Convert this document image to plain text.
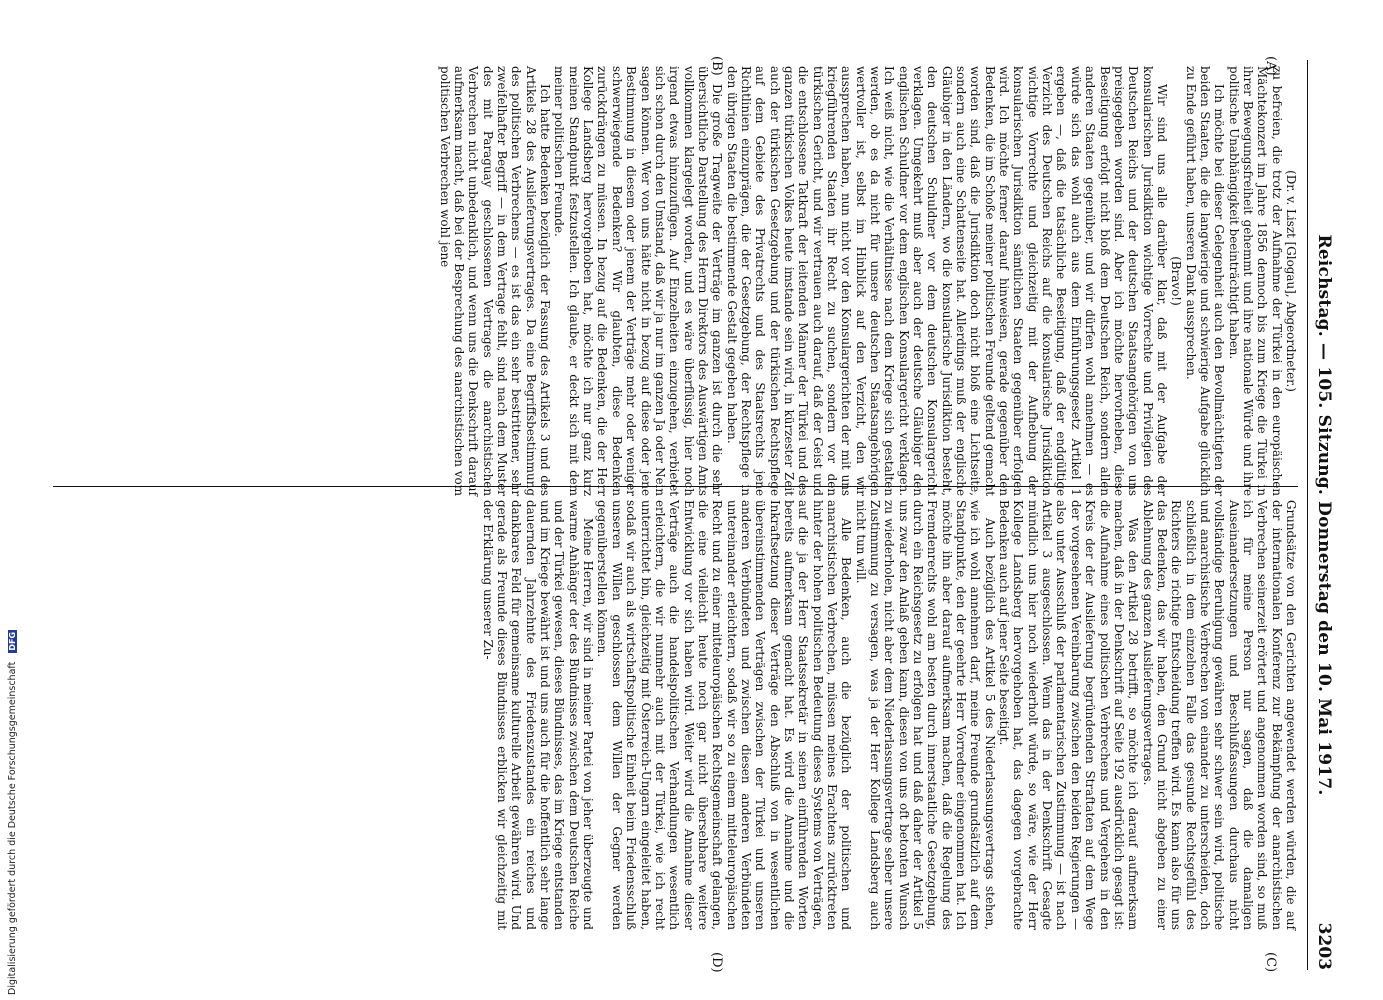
Reichstag. — 105. Sitzung. Donnerstag den 10. Mai 1917.
3203
(A)
(B)
(C)
(D)

(Dr. v. Liszt [Glogau], Abgeordneter.)

zu befreien, die trotz der Aufnahme der Türkei in den europäischen Mächtekonzert im Jahre 1856 dennoch bis zum Kriege die Türkei in ihrer Bewegungsfreiheit gehemmt und ihre nationale Würde und ihre politische Unabhängigkeit beeinträchtigt haben.

Ich möchte bei dieser Gelegenheit auch den Bevollmächtigten der beiden Staaten, die die langwierige und schwierige Aufgabe glücklich zu Ende geführt haben, unseren Dank aussprechen.

(Bravo!)

Wir sind uns alle darüber klar, daß mit der Aufgabe der konsularischen Jurisdiktion wichtige Vorrechte und Privilegien des Deutschen Reichs und der deutschen Staatsangehörigen von uns preisgegeben worden sind. Aber ich möchte hervorheben, diese Beseitigung erfolgt nicht bloß dem Deutschen Reich, sondern allen anderen Staaten gegenüber, und wir dürfen wohl annehmen — es würde sich das wohl auch aus dem Einführungsgesetz Artikel 1 ergeben —, daß die tatsächliche Beseitigung, daß der endgültige Verzicht des Deutschen Reichs auf die konsularische Jurisdiktion wichtige Vorrechte und gleichzeitig mit der Aufhebung der konsularischen Jurisdiktion sämtlichen Staaten gegenüber erfolgen wird. Ich möchte ferner darauf hinweisen, gerade gegenüber den Bedenken, die im Schoße meiner politischen Freunde geltend gemacht worden sind, daß die Jurisdiktion doch nicht bloß eine Lichtseite, sondern auch eine Schattenseite hat. Allerdings muß der englische Gläubiger in den Ländern, wo die konsularische Jurisdiktion besteht, den deutschen Schuldner vor dem deutschen Konsulargericht verklagen. Umgekehrt muß aber auch der deutsche Gläubiger den englischen Schuldner vor dem englischen Konsulargericht verklagen. Ich weiß nicht, wie die Verhältnisse nach dem Kriege sich gestalten werden, ob es da nicht für unsere deutschen Staatsangehörigen wertvoller ist, selbst im Hinblick auf den Verzicht, den wir aussprechen haben, nun nicht vor den Konsulargerichten der mit uns kriegführenden Staaten ihr Recht zu suchen, sondern vor den türkischen Gericht, und wir vertrauen auch darauf, daß der Geist und die entschlossene Tatkraft der leitenden Männer der Türkei und des ganzen türkischen Volkes heute imstande sein wird, in kürzester Zeit auch der türkischen Gesetzgebung und der türkischen Rechtspflege auf dem Gebiete des Privatrechts und des Staatsrechts jene Richtlinien einzuprägen, die der Gesetzgebung, der Rechtspflege in den übrigen Staaten die bestimmende Gestalt gegeben haben.

Die große Tragweite der Verträge im ganzen ist durch die sehr übersichtliche Darstellung des Herrn Direktors des Auswärtigen Amts vollkommen klargelegt worden, und es wäre überflüssig, hier noch irgend etwas hinzuzufügen. Auf Einzelheiten einzugehen, verbietet sich schon durch den Umstand, daß wir ja nur im ganzen Ja oder Nein sagen können. Wer von uns hätte nicht in bezug auf diese oder jene Bestimmung in diesem oder jenem der Verträge mehr oder weniger schwerwiegende Bedenken? Wir glaubten, diese Bedenken zurückdrängen zu müssen. In bezug auf die Bedenken, die der Herr Kollege Landsberg hervorgehoben hat, möchte ich nur ganz kurz meinen Standpunkt festzustellen. Ich glaube, er deckt sich mit dem meiner politischen Freunde.

Ich hatte Bedenken bezüglich der Fassung des Artikels 3 und des Artikels 28 des Auslieferungsvertrages. Da eine Begriffsbestimmung des politischen Verbrechens — es ist das ein sehr bestrittener, sehr zweifelhafter Begriff — in dem Vertrage fehlt, sind nach dem Muster des mit Paraguay geschlossenen Vertrages die anarchistischen Verbrechen nicht unbedenklich, und wenn uns die Denkschrift darauf aufmerksam macht, daß bei der Besprechung des anarchistischen vom politischen Verbrechen wohl jene

Grundsätze von den Gerichten angewendet werden würden, die auf der internationalen Konferenz zur Bekämpfung der anarchistischen Verbrechen seinerzeit erörtert und angenommen worden sind, so muß ich für meine Person nur sagen, daß die damaligen Auseinandersetzungen und Beschlußfassungen durchaus nicht vollständige Beruhigung gewähren sehr schwer sein wird, politische und anarchistische Verbrechen von einander zu unterscheiden, doch schließlich in dem einzelnen Falle das gesunde Rechtsgefühl des Richters die richtige Entscheidung treffen wird. Es kann also für uns das Bedenken, das wir haben, den Grund nicht abgeben zu einer Ablehnung des ganzen Auslieferungsvertrages.

Was den Artikel 28 betrifft, so möchte ich darauf aufmerksam machen, daß in der Denkschrift auf Seite 192 ausdrücklich gesagt ist: die Aufnahme eines politischen Verbrechens und Vergehens in den Kreis der der Auslieferung begründenden Straftaten auf dem Wege der vorgesehenen Vereinbarung zwischen den beiden Regierungen — also unter Ausschluß der parlamentarischen Zustimmung — ist nach Artikel 3 ausgeschlossen. Wenn das in der Denkschrift Gesagte mündlich uns hier noch wiederholt würde, so wäre, wie der Herr Kollege Landsberg hervorgehoben hat, das dagegen vorgebrachte Bedenken auch auf jener Seite beseitigt.

Auch bezüglich des Artikel 5 des Niederlassungsvertrags stehen, wie ich wohl annehmen darf, meine Freunde grundsätzlich auf dem Standpunkte, den der geehrte Herr Vorredner eingenommen hat. Ich möchte ihn aber darauf aufmerksam machen, daß die Regelung des Fremdenrechts wohl am besten durch innerstaatliche Gesetzgebung, durch ein Reichsgesetz zu erfolgen hat und daß daher der Artikel 5 uns zwar den Anlaß geben kann, diesen von uns oft betonten Wunsch zu wiederholen, nicht aber dem Niederlassungsvertrage selber unsere Zustimmung zu versagen, was ja der Herr Kollege Landsberg auch nicht tun will.

Alle Bedenken, auch die bezüglich der politischen und anarchistischen Verbrechen, müssen meines Erachtens zurücktreten hinter der hohen politischen Bedeutung dieses Systems von Verträgen, auf die ja der Herr Staatssekretär in seinen einführenden Worten bereits aufmerksam gemacht hat. Es wird die Annahme und die Inkraftsetzung dieser Verträge den Abschluß von in wesentlichen übereinstimmenden Verträgen zwischen der Türkei und unseren anderen Verbündeten und zwischen diesen anderen Verbündeten untereinander erleichtern, sodaß wir so zu einem mitteleuropäischen Recht und zu einer mitteleuropäischen Rechtsgemeinschaft gelangen, die eine vielleicht heute noch gar nicht übersehbare weitere Entwicklung vor sich haben wird. Weiter wird die Annahme dieser Verträge auch die handelspolitischen Verhandlungen wesentlich erleichtern, die wir nunmehr auch mit der Türkei, wie ich recht unterrichtet bin, gleichzeitig mit Österreich-Ungarn eingeleitet haben, sodaß wir auch als wirtschaftspolitische Einheit beim Friedensschluß unseren Willen geschlossen dem Willen der Gegner werden gegenüberstellen können.

Meine Herren, wir sind in meiner Partei von jeher überzeugte und warme Anhänger der des Bündnisses zwischen dem Deutschen Reiche und der Türkei gewesen, dieses Bündnisses, das im Kriege entstanden und im Kriege bewährt ist und uns auch für die hoffentlich sehr lange dauernden Jahrzehnte des Friedenszustandes ein reiches und dankbares Feld für gemeinsame kulturelle Arbeit gewähren wird. Und gerade als Freunde dieses Bündnisses erblicken wir gleichzeitig mit der Erklärung unserer Zu-

Digitalisierung gefördert durch die Deutsche Forschungsgemeinschaft DFG
